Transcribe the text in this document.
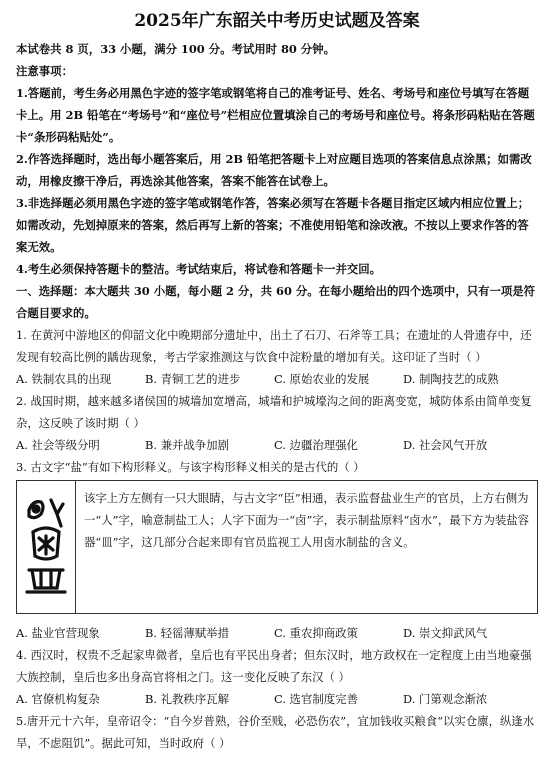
2025年广东韶关中考历史试题及答案

本试卷共 8 页，33 小题，满分 100 分。考试用时 80 分钟。

注意事项：

1.答题前，考生务必用黑色字迹的签字笔或钢笔将自己的准考证号、姓名、考场号和座位号填写在答题卡上。用 2B 铅笔在“考场号”和“座位号”栏相应位置填涂自己的考场号和座位号。将条形码粘贴在答题卡“条形码粘贴处”。

2.作答选择题时，选出每小题答案后，用 2B 铅笔把答题卡上对应题目选项的答案信息点涂黑；如需改动，用橡皮擦干净后，再选涂其他答案，答案不能答在试卷上。

3.非选择题必须用黑色字迹的签字笔或钢笔作答，答案必须写在答题卡各题目指定区域内相应位置上；如需改动，先划掉原来的答案，然后再写上新的答案；不准使用铅笔和涂改液。不按以上要求作答的答案无效。

4.考生必须保持答题卡的整洁。考试结束后，将试卷和答题卡一并交回。

一、选择题：本大题共 30 小题，每小题 2 分，共 60 分。在每小题给出的四个选项中，只有一项是符合题目要求的。

1. 在黄河中游地区的仰韶文化中晚期部分遗址中，出土了石刀、石斧等工具；在遗址的人骨遗存中，还发现有较高比例的龋齿现象，考古学家推测这与饮食中淀粉量的增加有关。这印证了当时（ ）

A. 铁制农具的出现	B. 青铜工艺的进步	C. 原始农业的发展	D. 制陶技艺的成熟

2. 战国时期，越来越多诸侯国的城墙加宽增高，城墙和护城壕沟之间的距离变宽，城防体系由简单变复杂，这反映了该时期（ ）

A. 社会等级分明	B. 兼并战争加剧	C. 边疆治理强化	D. 社会风气开放

3. 古文字“盐”有如下构形释义。与该字构形释义相关的是古代的（ ）

该字上方左侧有一只大眼睛，与古文字“臣”相通，表示监督盐业生产的官员，上方右侧为一“人”字，喻意制盐工人；人字下面为一“卤”字，表示制盐原料“卤水”，最下方为装盐容器“皿”字，这几部分合起来即有官员监视工人用卤水制盐的含义。
A. 盐业官营现象	B. 轻徭薄赋举措	C. 重农抑商政策	D. 崇文抑武风气

4. 西汉时，权贵不乏起家卑微者，皇后也有平民出身者；但东汉时，地方政权在一定程度上由当地豪强大族控制，皇后也多出身高官将相之门。这一变化反映了东汉（ ）

A. 官僚机构复杂	B. 礼教秩序瓦解	C. 选官制度完善	D. 门第观念渐浓

5.唐开元十六年，皇帝诏令：“自今岁普熟，谷价至贱，必恐伤农”，宜加钱收买粮食“以实仓廪，纵逢水旱，不虑阻饥”。据此可知，当时政府（ ）
